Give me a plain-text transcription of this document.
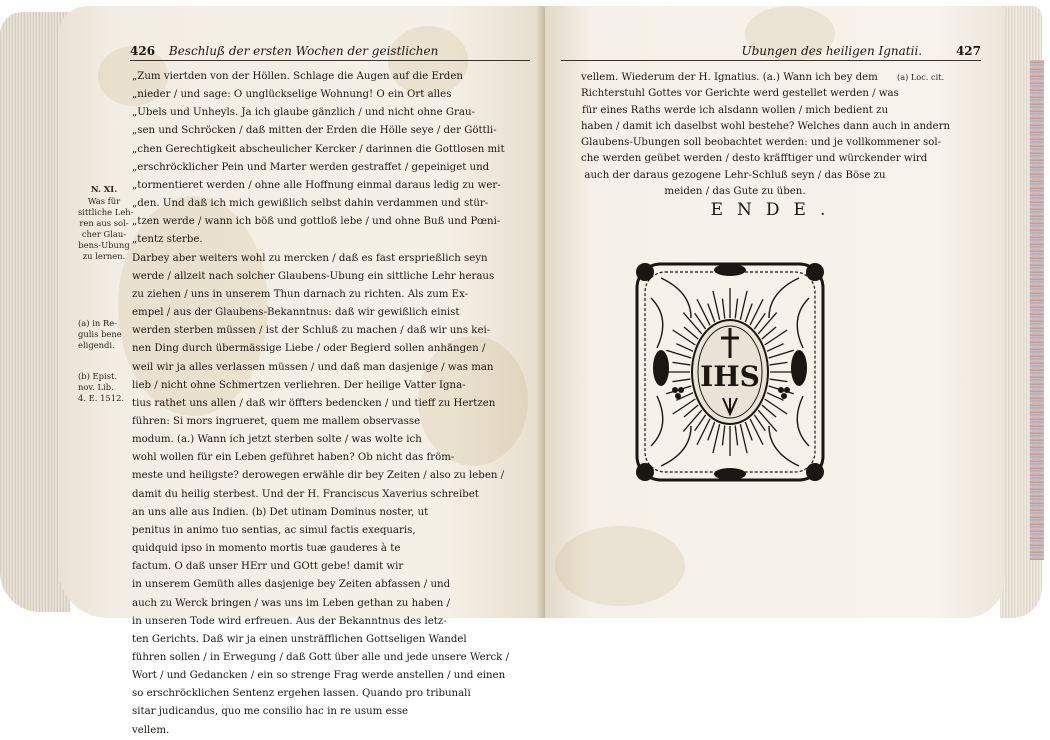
426 Beschluß der ersten Wochen der geistlichen
„Zum viertden von der Höllen. Schlage die Augen auf die Erden
„nieder / und sage: O unglückselige Wohnung! O ein Ort alles
„Ubels und Unheyls. Ja ich glaube gänzlich / und nicht ohne Grau-
„sen und Schröcken / daß mitten der Erden die Hölle seye / der Göttli-
„chen Gerechtigkeit abscheulicher Kercker / darinnen die Gottlosen mit
„erschröcklicher Pein und Marter werden gestraffet / gepeiniget und
„tormentieret werden / ohne alle Hoffnung einmal daraus ledig zu wer-
„den. Und daß ich mich gewißlich selbst dahin verdammen und stür-
„tzen werde / wann ich böß und gottloß lebe / und ohne Buß und Pœni-
„tentz sterbe.
Darbey aber weiters wohl zu mercken / daß es fast ersprießlich seyn
werde / allzeit nach solcher Glaubens-Ubung ein sittliche Lehr heraus
zu ziehen / uns in unserem Thun darnach zu richten. Als zum Ex-
empel / aus der Glaubens-Bekanntnus: daß wir gewißlich einist
werden sterben müssen / ist der Schluß zu machen / daß wir uns kei-
nen Ding durch übermässige Liebe / oder Begierd sollen anhängen /
weil wir ja alles verlassen müssen / und daß man dasjenige / was man
lieb / nicht ohne Schmertzen verliehren. Der heilige Vatter Igna-
tius rathet uns allen / daß wir öffters bedencken / und tieff zu Hertzen
führen: Si mors ingrueret, quem me mallem observasse
modum. (a.) Wann ich jetzt sterben solte / was wolte ich
wohl wollen für ein Leben geführet haben? Ob nicht das fröm-
meste und heiligste? derowegen erwähle dir bey Zeiten / also zu leben /
damit du heilig sterbest. Und der H. Franciscus Xaverius schreibet
an uns alle aus Indien. (b) Det utinam Dominus noster, ut
penitus in animo tuo sentias, ac simul factis exequaris,
quidquid ipso in momento mortis tuæ gauderes à te
factum. O daß unser HErr und GOtt gebe! damit wir
in unserem Gemüth alles dasjenige bey Zeiten abfassen / und
auch zu Werck bringen / was uns im Leben gethan zu haben /
in unseren Tode wird erfreuen. Aus der Bekanntnus des letz-
ten Gerichts. Daß wir ja einen unsträfflichen Gottseligen Wandel
führen sollen / in Erwegung / daß Gott über alle und jede unsere Werck /
Wort / und Gedancken / ein so strenge Frag werde anstellen / und einen
so erschröcklichen Sentenz ergehen lassen. Quando pro tribunali
sitar judicandus, quo me consilio hac in re usum esse
vellem.
N. XI.
Was für
sittliche Leh-
ren aus sol-
cher Glau-
bens-Ubung
zu lernen.
(a) in Re-
gulis bene
eligendi.
(b) Epist.
nov. Lib.
4. E. 1512.
Ubungen des heiligen Ignatii.	427
vellem. Wiederum der H. Ignatius. (a.) Wann ich bey dem
Richterstuhl Gottes vor Gerichte werd gestellet werden / was
für eines Raths werde ich alsdann wollen / mich bedient zu
haben / damit ich daselbst wohl bestehe? Welches dann auch in andern
Glaubens-Ubungen soll beobachtet werden: und je vollkommener sol-
che werden geübet werden / desto kräfftiger und würckender wird
auch der daraus gezogene Lehr-Schluß seyn / das Böse zu
meiden / das Gute zu üben.
(a) Loc. cit.
ENDE.
IHS
